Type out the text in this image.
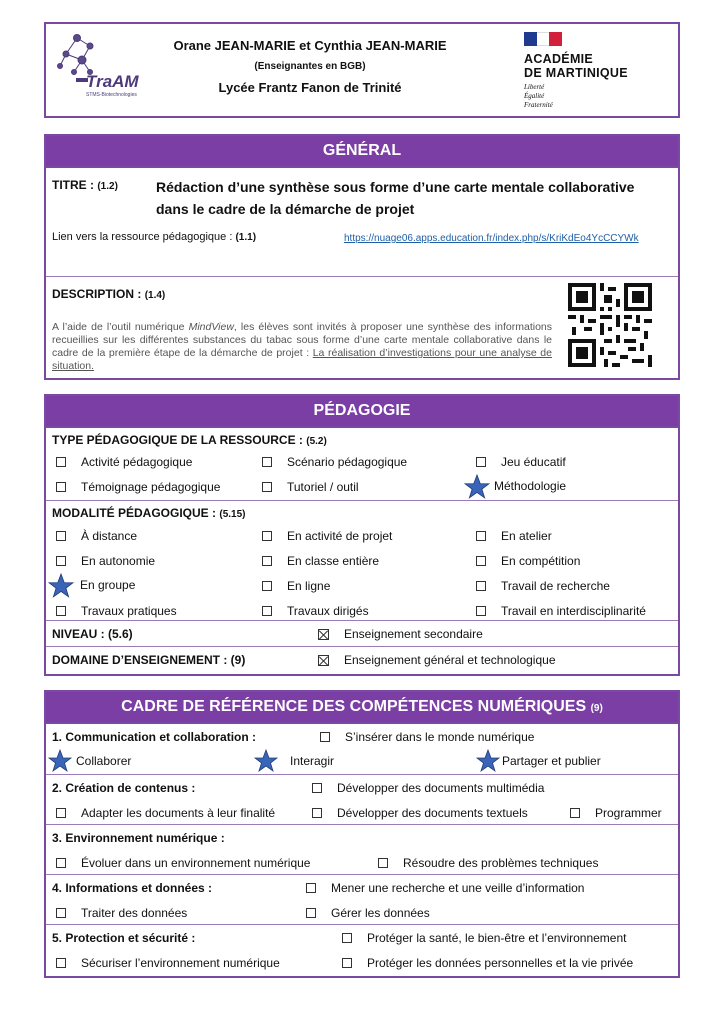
TraAM
STMS-Biotechnologies
Orane JEAN-MARIE et Cynthia JEAN-MARIE
(Enseignantes en BGB)
Lycée Frantz Fanon de Trinité
ACADÉMIE
DE MARTINIQUE
Liberté
Égalité
Fraternité
GÉNÉRAL
TITRE : (1.2)	Rédaction d’une synthèse sous forme d’une carte mentale collaborative
dans le cadre de la démarche de projet
Lien vers la ressource pédagogique : (1.1)	https://nuage06.apps.education.fr/index.php/s/KriKdEo4YcCCYWk
DESCRIPTION : (1.4)

A l’aide de l’outil numérique MindView, les élèves sont invités à proposer une synthèse des informations recueillies sur les différentes substances du tabac sous forme d’une carte mentale collaborative dans le cadre de la première étape de la démarche de projet : La réalisation d’investigations pour une analyse de situation.

PÉDAGOGIE
TYPE PÉDAGOGIQUE DE LA RESSOURCE : (5.2)
Activité pédagogique	Scénario pédagogique	Jeu éducatif
Témoignage pédagogique	Tutoriel / outil	Méthodologie
MODALITÉ PÉDAGOGIQUE : (5.15)
À distance	En activité de projet	En atelier
En autonomie	En classe entière	En compétition
En groupe	En ligne	Travail de recherche
Travaux pratiques	Travaux dirigés	Travail en interdisciplinarité
NIVEAU : (5.6)	Enseignement secondaire
DOMAINE D’ENSEIGNEMENT : (9)	Enseignement général et technologique
CADRE DE RÉFÉRENCE DES COMPÉTENCES NUMÉRIQUES (9)
1. Communication et collaboration :	S’insérer dans le monde numérique
Collaborer	Interagir	Partager et publier
2. Création de contenus :	Développer des documents multimédia
Adapter les documents à leur finalité	Développer des documents textuels	Programmer
3. Environnement numérique :
Évoluer dans un environnement numérique	Résoudre des problèmes techniques
4. Informations et données :	Mener une recherche et une veille d’information
Traiter des données	Gérer les données
5. Protection et sécurité :	Protéger la santé, le bien-être et l’environnement
Sécuriser l’environnement numérique	Protéger les données personnelles et la vie privée
